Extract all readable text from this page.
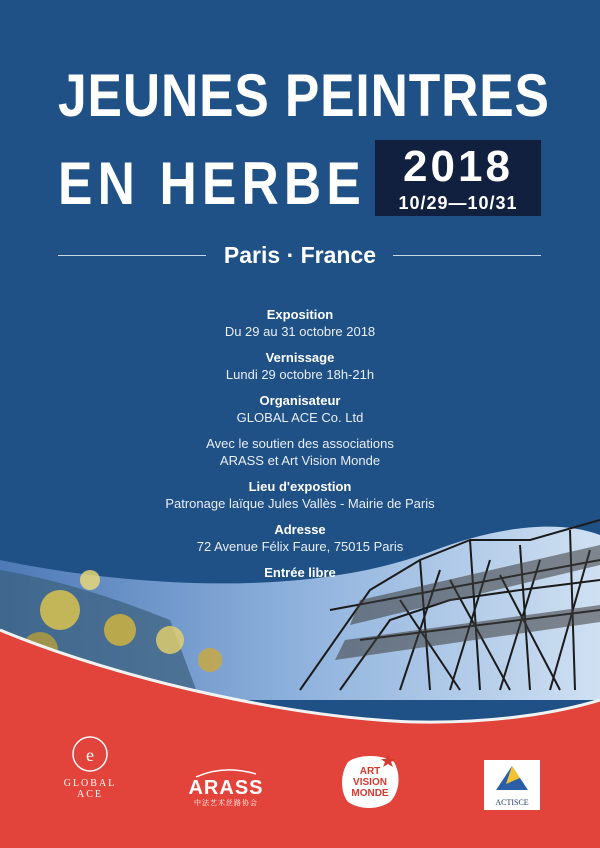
JEUNES PEINTRES
EN HERBE 2018
10/29—10/31
Paris · France
Exposition
Du 29 au 31 octobre 2018
Vernissage
Lundi 29 octobre 18h-21h
Organisateur
GLOBAL ACE Co. Ltd
Avec le soutien des associations
ARASS et Art Vision Monde
Lieu d'expostion
Patronage laïque Jules Vallès - Mairie de Paris
Adresse
72 Avenue Félix Faure, 75015 Paris
Entrée libre
e
GLOBAL ACE	ARASS
中法艺术丝路协会
ART
VISION
MONDE
ACTISCE
